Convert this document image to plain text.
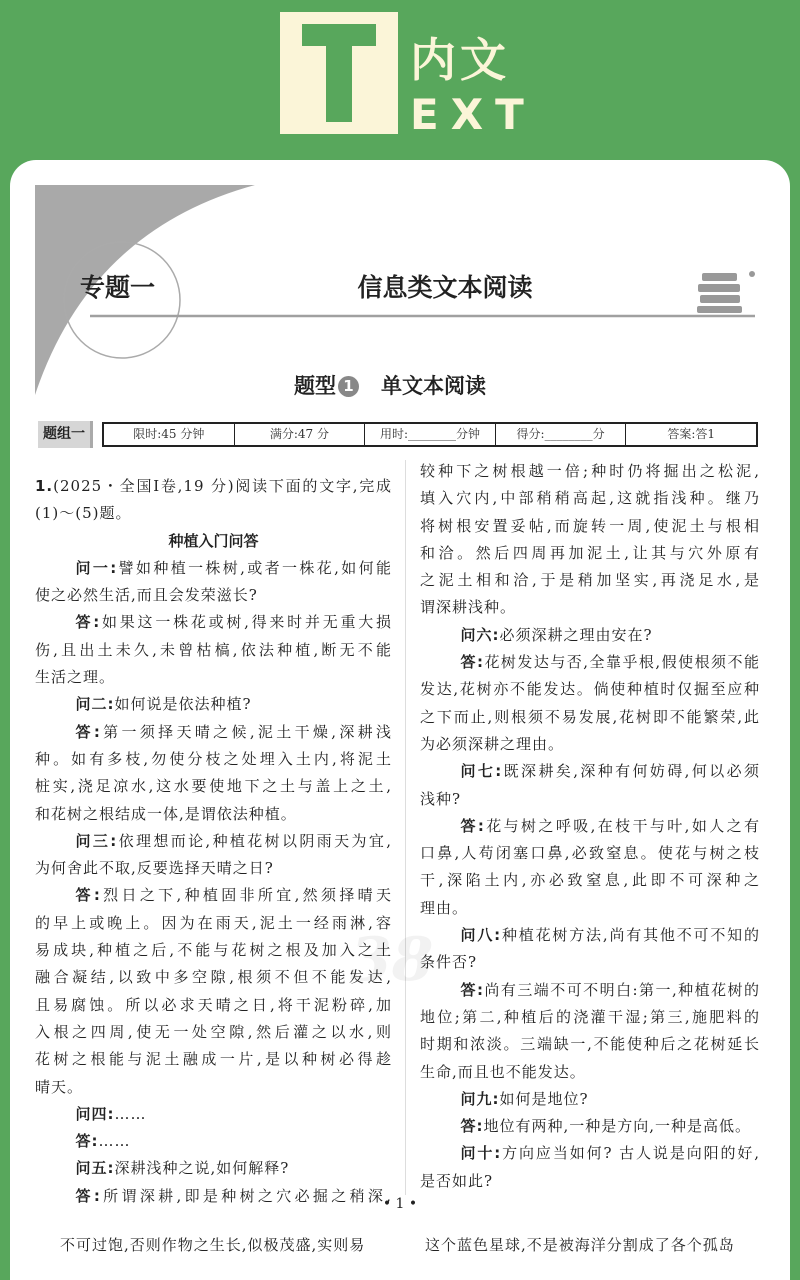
内文
EXT
专题一	信息类文本阅读
题型 1 单文本阅读
题组一	限时:45 分钟	满分:47 分	用时:________分钟	得分:________分	答案:答1
1.(2025・全国Ⅰ卷,19 分)阅读下面的文字,完成
(1)～(5)题。
种植入门问答
问一:譬如种植一株树,或者一株花,如何能
使之必然生活,而且会发荣滋长?
答:如果这一株花或树,得来时并无重大损
伤,且出土未久,未曾枯槁,依法种植,断无不能
生活之理。
问二:如何说是依法种植?
答:第一须择天晴之候,泥土干燥,深耕浅
种。如有多枝,勿使分枝之处埋入土内,将泥土
桩实,浇足凉水,这水要使地下之土与盖上之土,
和花树之根结成一体,是谓依法种植。
问三:依理想而论,种植花树以阴雨天为宜,
为何舍此不取,反要选择天晴之日?
答:烈日之下,种植固非所宜,然须择晴天
的早上或晚上。因为在雨天,泥土一经雨淋,容
易成块,种植之后,不能与花树之根及加入之土
融合凝结,以致中多空隙,根须不但不能发达,
且易腐蚀。所以必求天晴之日,将干泥粉碎,加
入根之四周,使无一处空隙,然后灌之以水,则
花树之根能与泥土融成一片,是以种树必得趁
晴天。
问四:……
答:……
问五:深耕浅种之说,如何解释?
答:所谓深耕,即是种树之穴必掘之稍深,
较种下之树根越一倍;种时仍将掘出之松泥,
填入穴内,中部稍稍高起,这就指浅种。继乃
将树根安置妥帖,而旋转一周,使泥土与根相
和洽。然后四周再加泥土,让其与穴外原有
之泥土相和洽,于是稍加坚实,再浇足水,是
谓深耕浅种。
问六:必须深耕之理由安在?
答:花树发达与否,全靠乎根,假使根须不能
发达,花树亦不能发达。倘使种植时仅掘至应种
之下而止,则根须不易发展,花树即不能繁荣,此
为必须深耕之理由。
问七:既深耕矣,深种有何妨碍,何以必须
浅种?
答:花与树之呼吸,在枝干与叶,如人之有
口鼻,人苟闭塞口鼻,必致窒息。使花与树之枝
干,深陷土内,亦必致窒息,此即不可深种之
理由。
问八:种植花树方法,尚有其他不可不知的
条件否?
答:尚有三端不可不明白:第一,种植花树的
地位;第二,种植后的浇灌干湿;第三,施肥料的
时期和浓淡。三端缺一,不能使种后之花树延长
生命,而且也不能发达。
问九:如何是地位?
答:地位有两种,一种是方向,一种是高低。
问十:方向应当如何? 古人说是向阳的好,
是否如此?
38
• 1 •
不可过饱,否则作物之生长,似极茂盛,实则易	这个蓝色星球,不是被海洋分割成了各个孤岛
